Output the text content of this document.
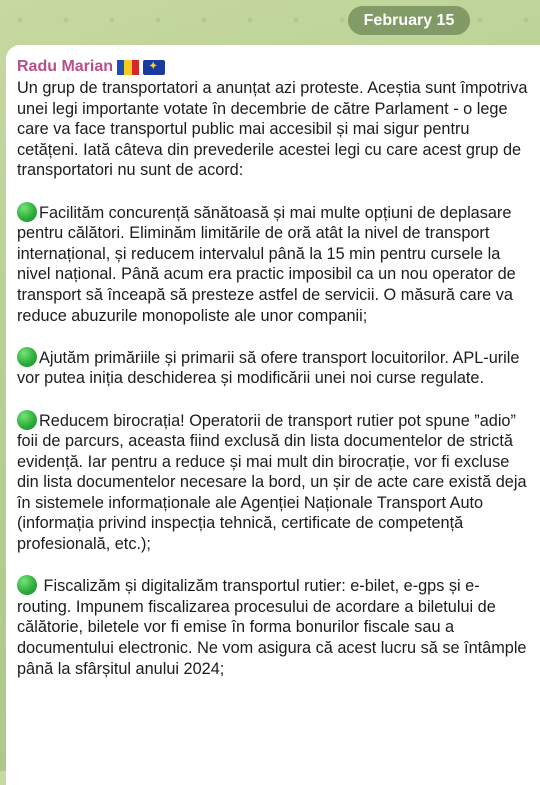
February 15
Radu Marian
✦

Un grup de transportatori a anunțat azi proteste. Aceștia sunt împotriva unei legi importante votate în decembrie de către Parlament - o lege care va face transportul public mai accesibil și mai sigur pentru cetățeni. Iată câteva din prevederile acestei legi cu care acest grup de transportatori nu sunt de acord:

Facilităm concurență sănătoasă și mai multe opțiuni de deplasare pentru călători. Eliminăm limitările de oră atât la nivel de transport internațional, și reducem intervalul până la 15 min pentru cursele la nivel național. Până acum era practic imposibil ca un nou operator de transport să înceapă să presteze astfel de servicii. O măsură care va reduce abuzurile monopoliste ale unor companii;

Ajutăm primăriile și primarii să ofere transport locuitorilor. APL-urile vor putea iniția deschiderea și modificării unei noi curse regulate.

Reducem birocrația! Operatorii de transport rutier pot spune ”adio” foii de parcurs, aceasta fiind exclusă din lista documentelor de strictă evidență. Iar pentru a reduce și mai mult din birocrație, vor fi excluse din lista documentelor necesare la bord, un șir de acte care există deja în sistemele informaționale ale Agenției Naționale Transport Auto (informația privind inspecția tehnică, certificate de competență profesională, etc.);

Fiscalizăm și digitalizăm transportul rutier: e-bilet, e-gps și e-routing. Impunem fiscalizarea procesului de acordare a biletului de călătorie, biletele vor fi emise în forma bonurilor fiscale sau a documentului electronic. Ne vom asigura că acest lucru să se întâmple până la sfârșitul anului 2024;
